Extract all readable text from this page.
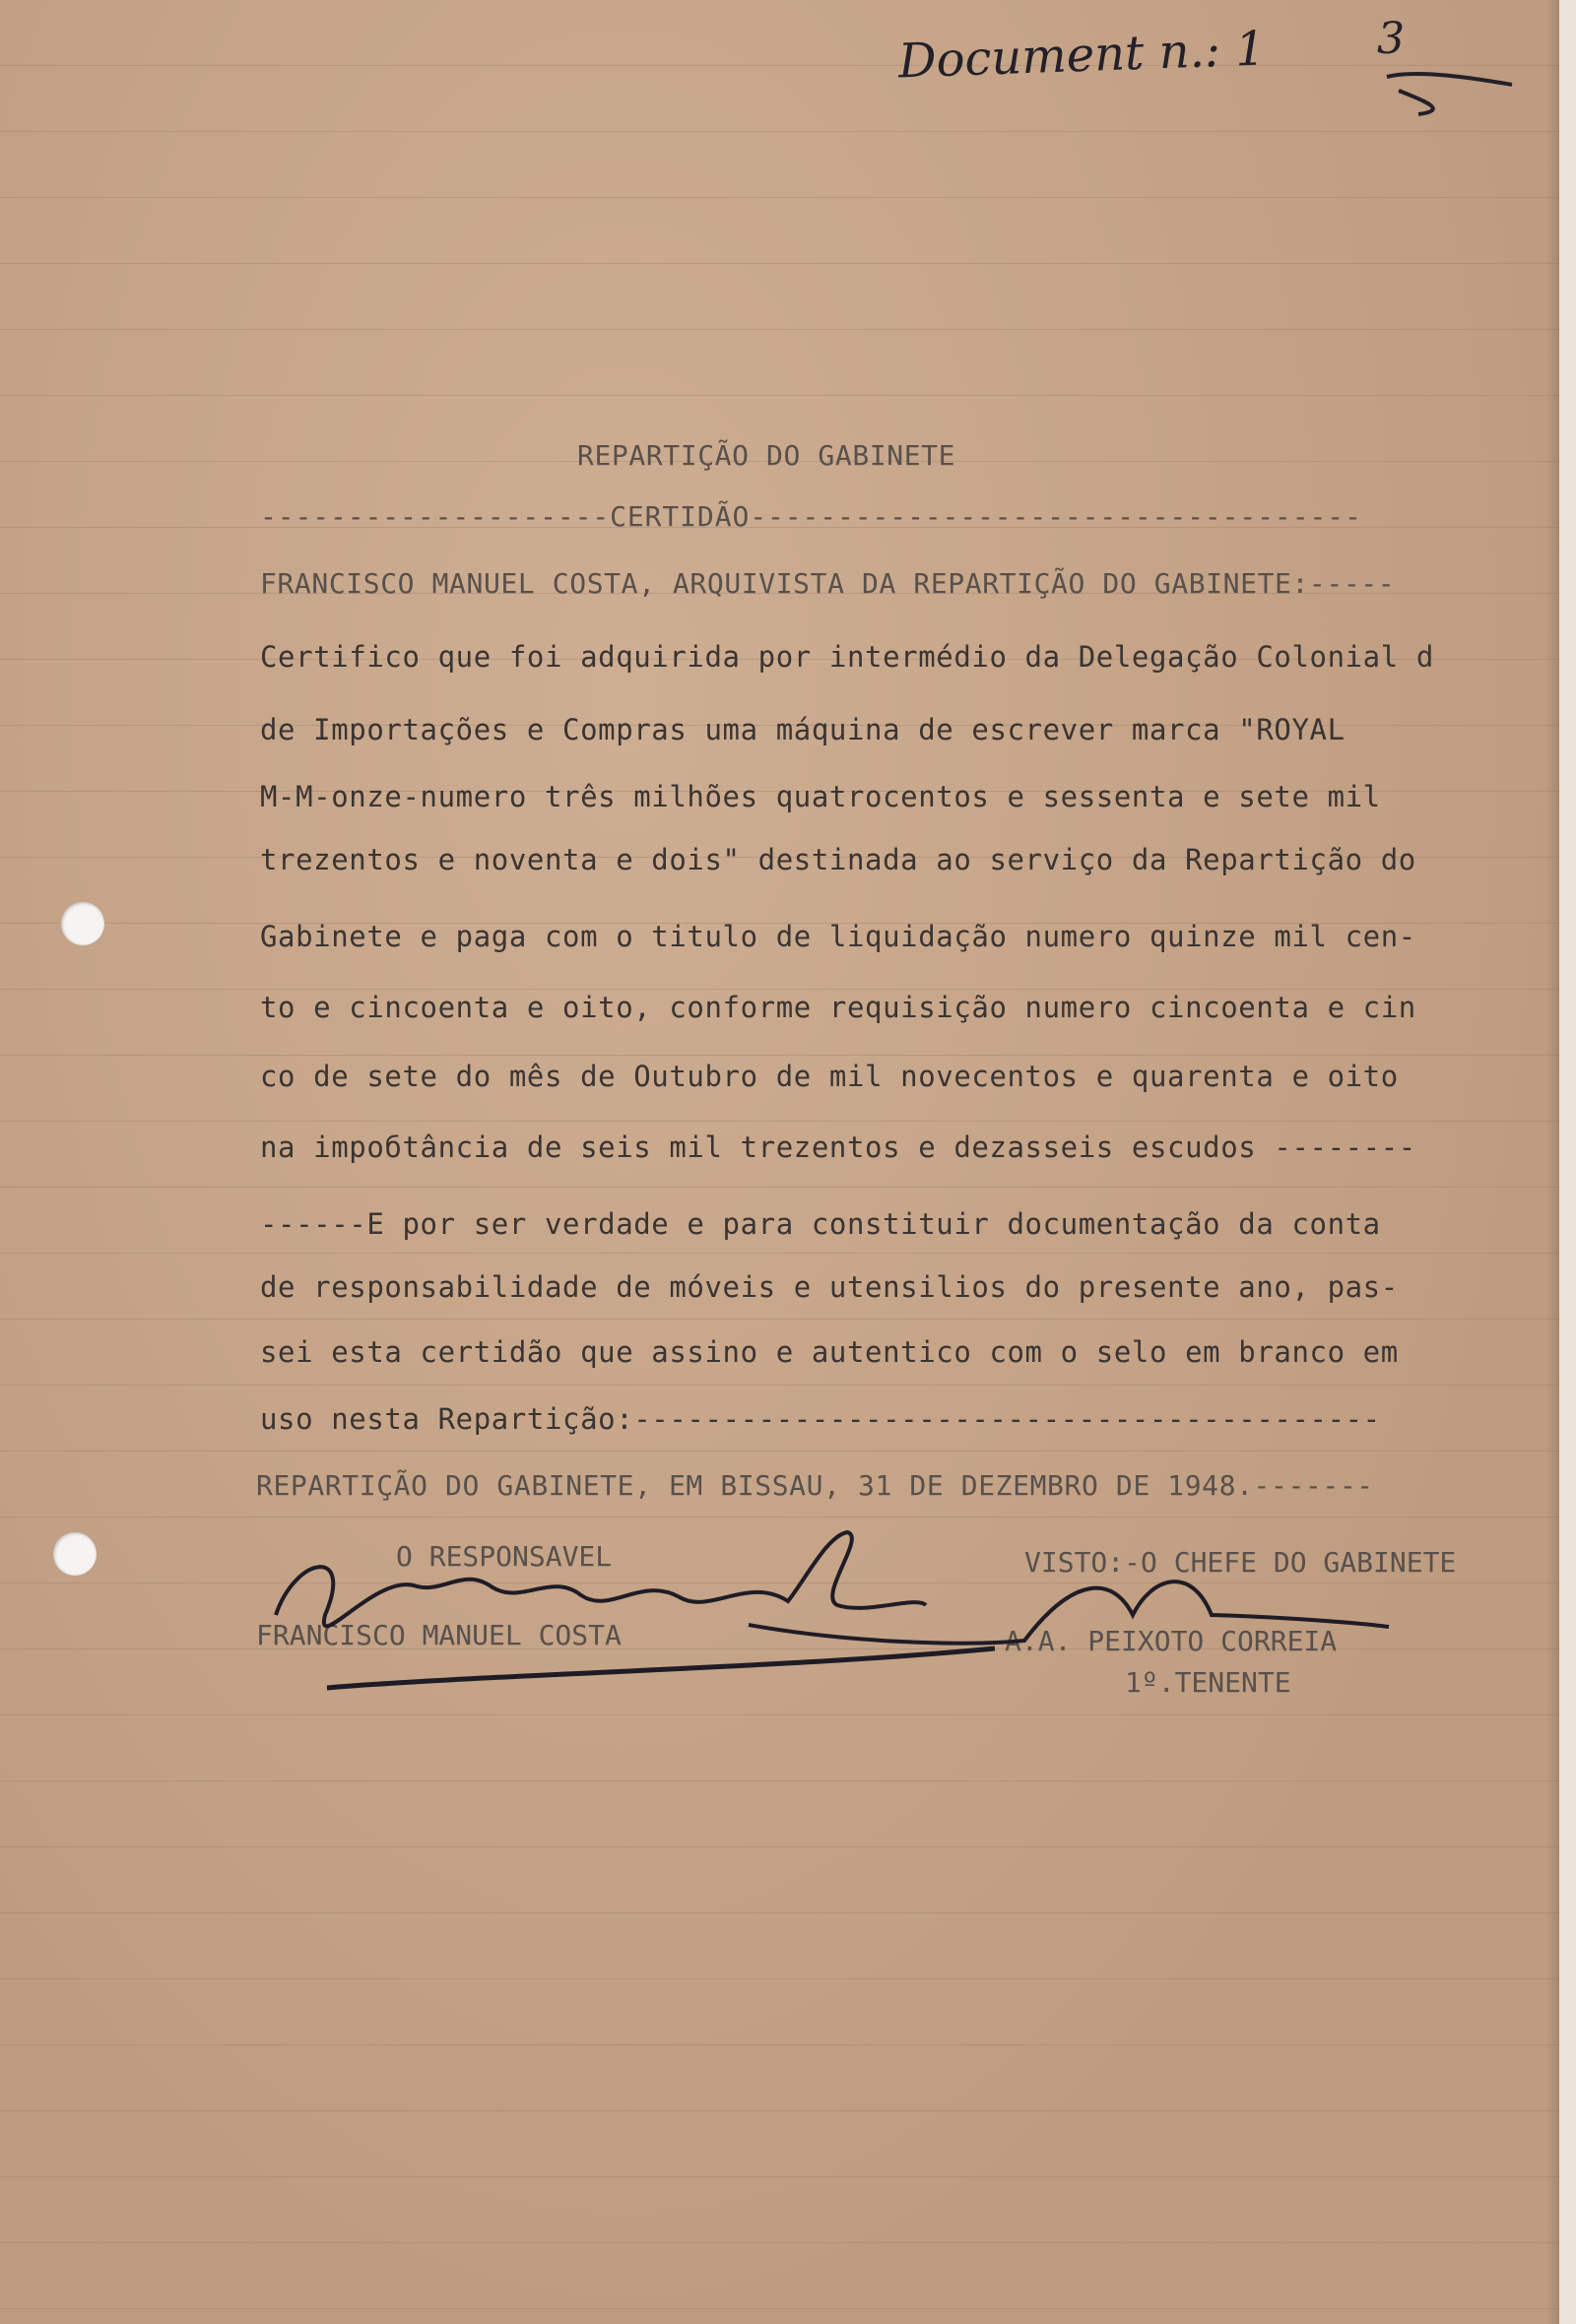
Document n.: 1	3
REPARTIÇÃO DO GABINETE
--------------------CERTIDÃO-----------------------------------
FRANCISCO MANUEL COSTA, ARQUIVISTA DA REPARTIÇÃO DO GABINETE:-----
Certifico que foi adquirida por intermédio da Delegação Colonial d
de Importações e Compras uma máquina de escrever marca "ROYAL
M-M-onze-numero três milhões quatrocentos e sessenta e sete mil
trezentos e noventa e dois" destinada ao serviço da Repartição do
Gabinete e paga com o titulo de liquidação numero quinze mil cen-
to e cincoenta e oito, conforme requisição numero cincoenta e cin
co de sete do mês de Outubro de mil novecentos e quarenta e oito
na impoбtância de seis mil trezentos e dezasseis escudos --------
------E por ser verdade e para constituir documentação da conta
de responsabilidade de móveis e utensilios do presente ano, pas-
sei esta certidão que assino e autentico com o selo em branco em
uso nesta Repartição:------------------------------------------
REPARTIÇÃO DO GABINETE, EM BISSAU, 31 DE DEZEMBRO DE 1948.-------
O RESPONSAVEL
FRANCISCO MANUEL COSTA
VISTO:-O CHEFE DO GABINETE
A.A. PEIXOTO CORREIA
1º.TENENTE
